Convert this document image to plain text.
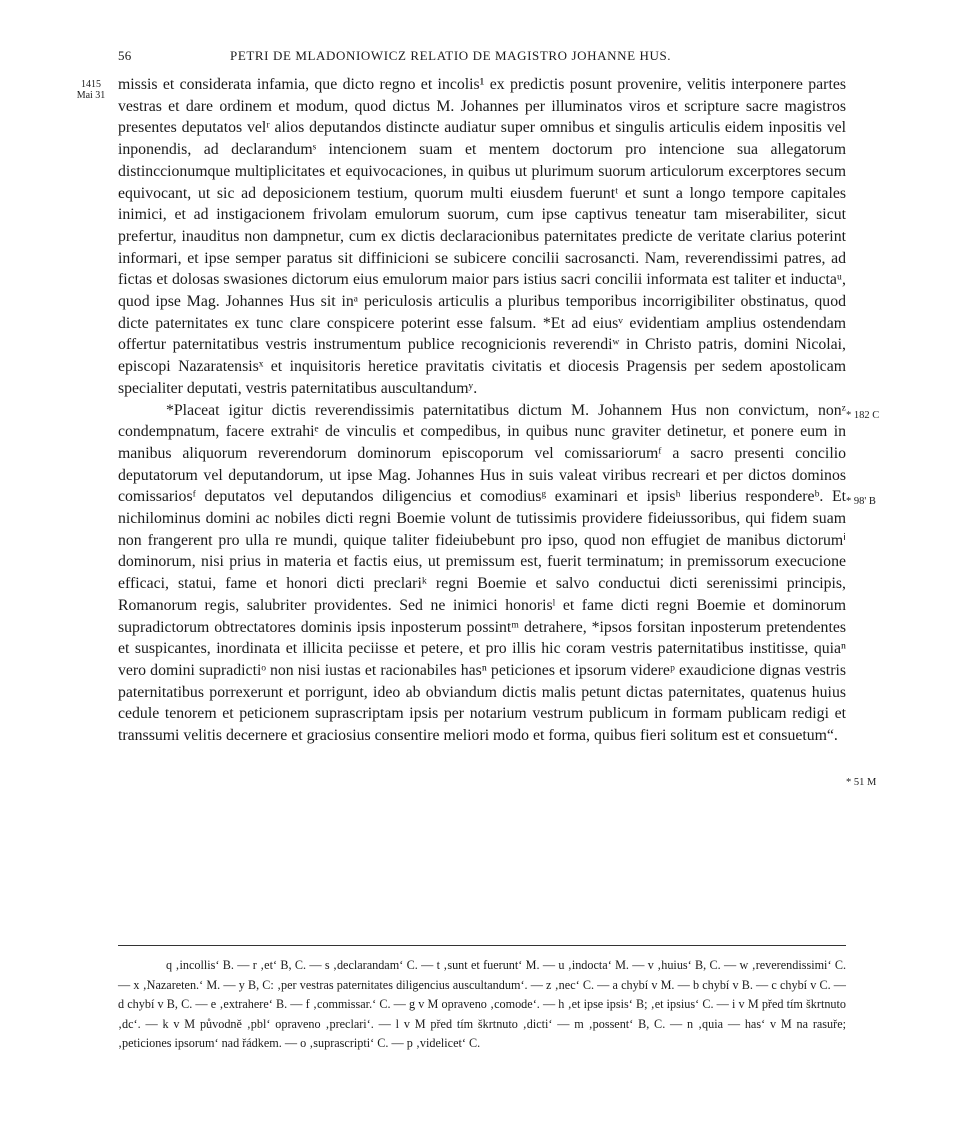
56	PETRI DE MLADONIOWICZ RELATIO DE MAGISTRO JOHANNE HUS.
1415
Mai 31

missis et considerata infamia, que dicto regno et incolis¹ ex predictis posunt provenire, velitis interponere partes vestras et dare ordinem et modum, quod dictus M. Johannes per illuminatos viros et scripture sacre magistros presentes deputatos velʳ alios deputandos distincte audiatur super omnibus et singulis articulis eidem inpositis vel inponendis, ad declarandumˢ intencionem suam et mentem doctorum pro intencione sua allegatorum distinccionumque multiplicitates et equivocaciones, in quibus ut plurimum suorum articulorum excerptores secum equivocant, ut sic ad deposicionem testium, quorum multi eiusdem fueruntᵗ et sunt a longo tempore capitales inimici, et ad instigacionem frivolam emulorum suorum, cum ipse captivus teneatur tam miserabiliter, sicut prefertur, inauditus non dampnetur, cum ex dictis declaracionibus paternitates predicte de veritate clarius poterint informari, et ipse semper paratus sit diffinicioni se subicere concilii sacrosancti. Nam, reverendissimi patres, ad fictas et dolosas swasiones dictorum eius emulorum maior pars istius sacri concilii informata est taliter et inductaᵘ, quod ipse Mag. Johannes Hus sit inᵃ periculosis articulis a pluribus temporibus incorrigibiliter obstinatus, quod dicte paternitates ex tunc clare conspicere poterint esse falsum. *Et ad eiusᵛ evidentiam amplius ostendendam offertur paternitatibus vestris instrumentum publice recognicionis reverendiʷ in Christo patris, domini Nicolai, episcopi Nazaratensisˣ et inquisitoris heretice pravitatis civitatis et diocesis Pragensis per sedem apostolicam specialiter deputati, vestris paternitatibus auscultandumʸ.

*Placeat igitur dictis reverendissimis paternitatibus dictum M. Johannem Hus non convictum, nonᶻ condempnatum, facere extrahiᵉ de vinculis et compedibus, in quibus nunc graviter detinetur, et ponere eum in manibus aliquorum reverendorum dominorum episcoporum vel comissariorumᶠ a sacro presenti concilio deputatorum vel deputandorum, ut ipse Mag. Johannes Hus in suis valeat viribus recreari et per dictos dominos comissariosᶠ deputatos vel deputandos diligencius et comodiusᵍ examinari et ipsisʰ liberius respondereᵇ. Et nichilominus domini ac nobiles dicti regni Boemie volunt de tutissimis providere fideiussoribus, qui fidem suam non frangerent pro ulla re mundi, quique taliter fideiubebunt pro ipso, quod non effugiet de manibus dictorumⁱ dominorum, nisi prius in materia et factis eius, ut premissum est, fuerit terminatum; in premissorum execucione efficaci, statui, fame et honori dicti preclariᵏ regni Boemie et salvo conductui dicti serenissimi principis, Romanorum regis, salubriter providentes. Sed ne inimici honorisˡ et fame dicti regni Boemie et dominorum supradictorum obtrectatores dominis ipsis inposterum possintᵐ detrahere, *ipsos forsitan inposterum pretendentes et suspicantes, inordinata et illicita peciisse et petere, et pro illis hic coram vestris paternitatibus institisse, quiaⁿ vero domini supradictiᵒ non nisi iustas et racionabiles hasⁿ peticiones et ipsorum videreᵖ exaudicione dignas vestris paternitatibus porrexerunt et porrigunt, ideo ab obviandum dictis malis petunt dictas paternitates, quatenus huius cedule tenorem et peticionem suprascriptam ipsis per notarium vestrum publicum in formam publicam redigi et transsumi velitis decernere et graciosius consentire meliori modo et forma, quibus fieri solitum est et consuetum“.

* 182 C
* 98' B
* 51 M

q ‚incollis‘ B. — r ‚et‘ B, C. — s ‚declarandam‘ C. — t ‚sunt et fuerunt‘ M. — u ‚indocta‘ M. — v ‚huius‘ B, C. — w ‚reverendissimi‘ C. — x ‚Nazareten.‘ M. — y B, C: ‚per vestras paternitates diligencius auscultandum‘. — z ‚nec‘ C. — a chybí v M. — b chybí v B. — c chybí v C. — d chybí v B, C. — e ‚extrahere‘ B. — f ‚commissar.‘ C. — g v M opraveno ‚comode‘. — h ‚et ipse ipsis‘ B; ‚et ipsius‘ C. — i v M před tím škrtnuto ‚dc‘. — k v M původně ‚pbl‘ opraveno ‚preclari‘. — l v M před tím škrtnuto ‚dicti‘ — m ‚possent‘ B, C. — n ‚quia — has‘ v M na rasuře; ‚peticiones ipsorum‘ nad řádkem. — o ‚suprascripti‘ C. — p ‚videlicet‘ C.
